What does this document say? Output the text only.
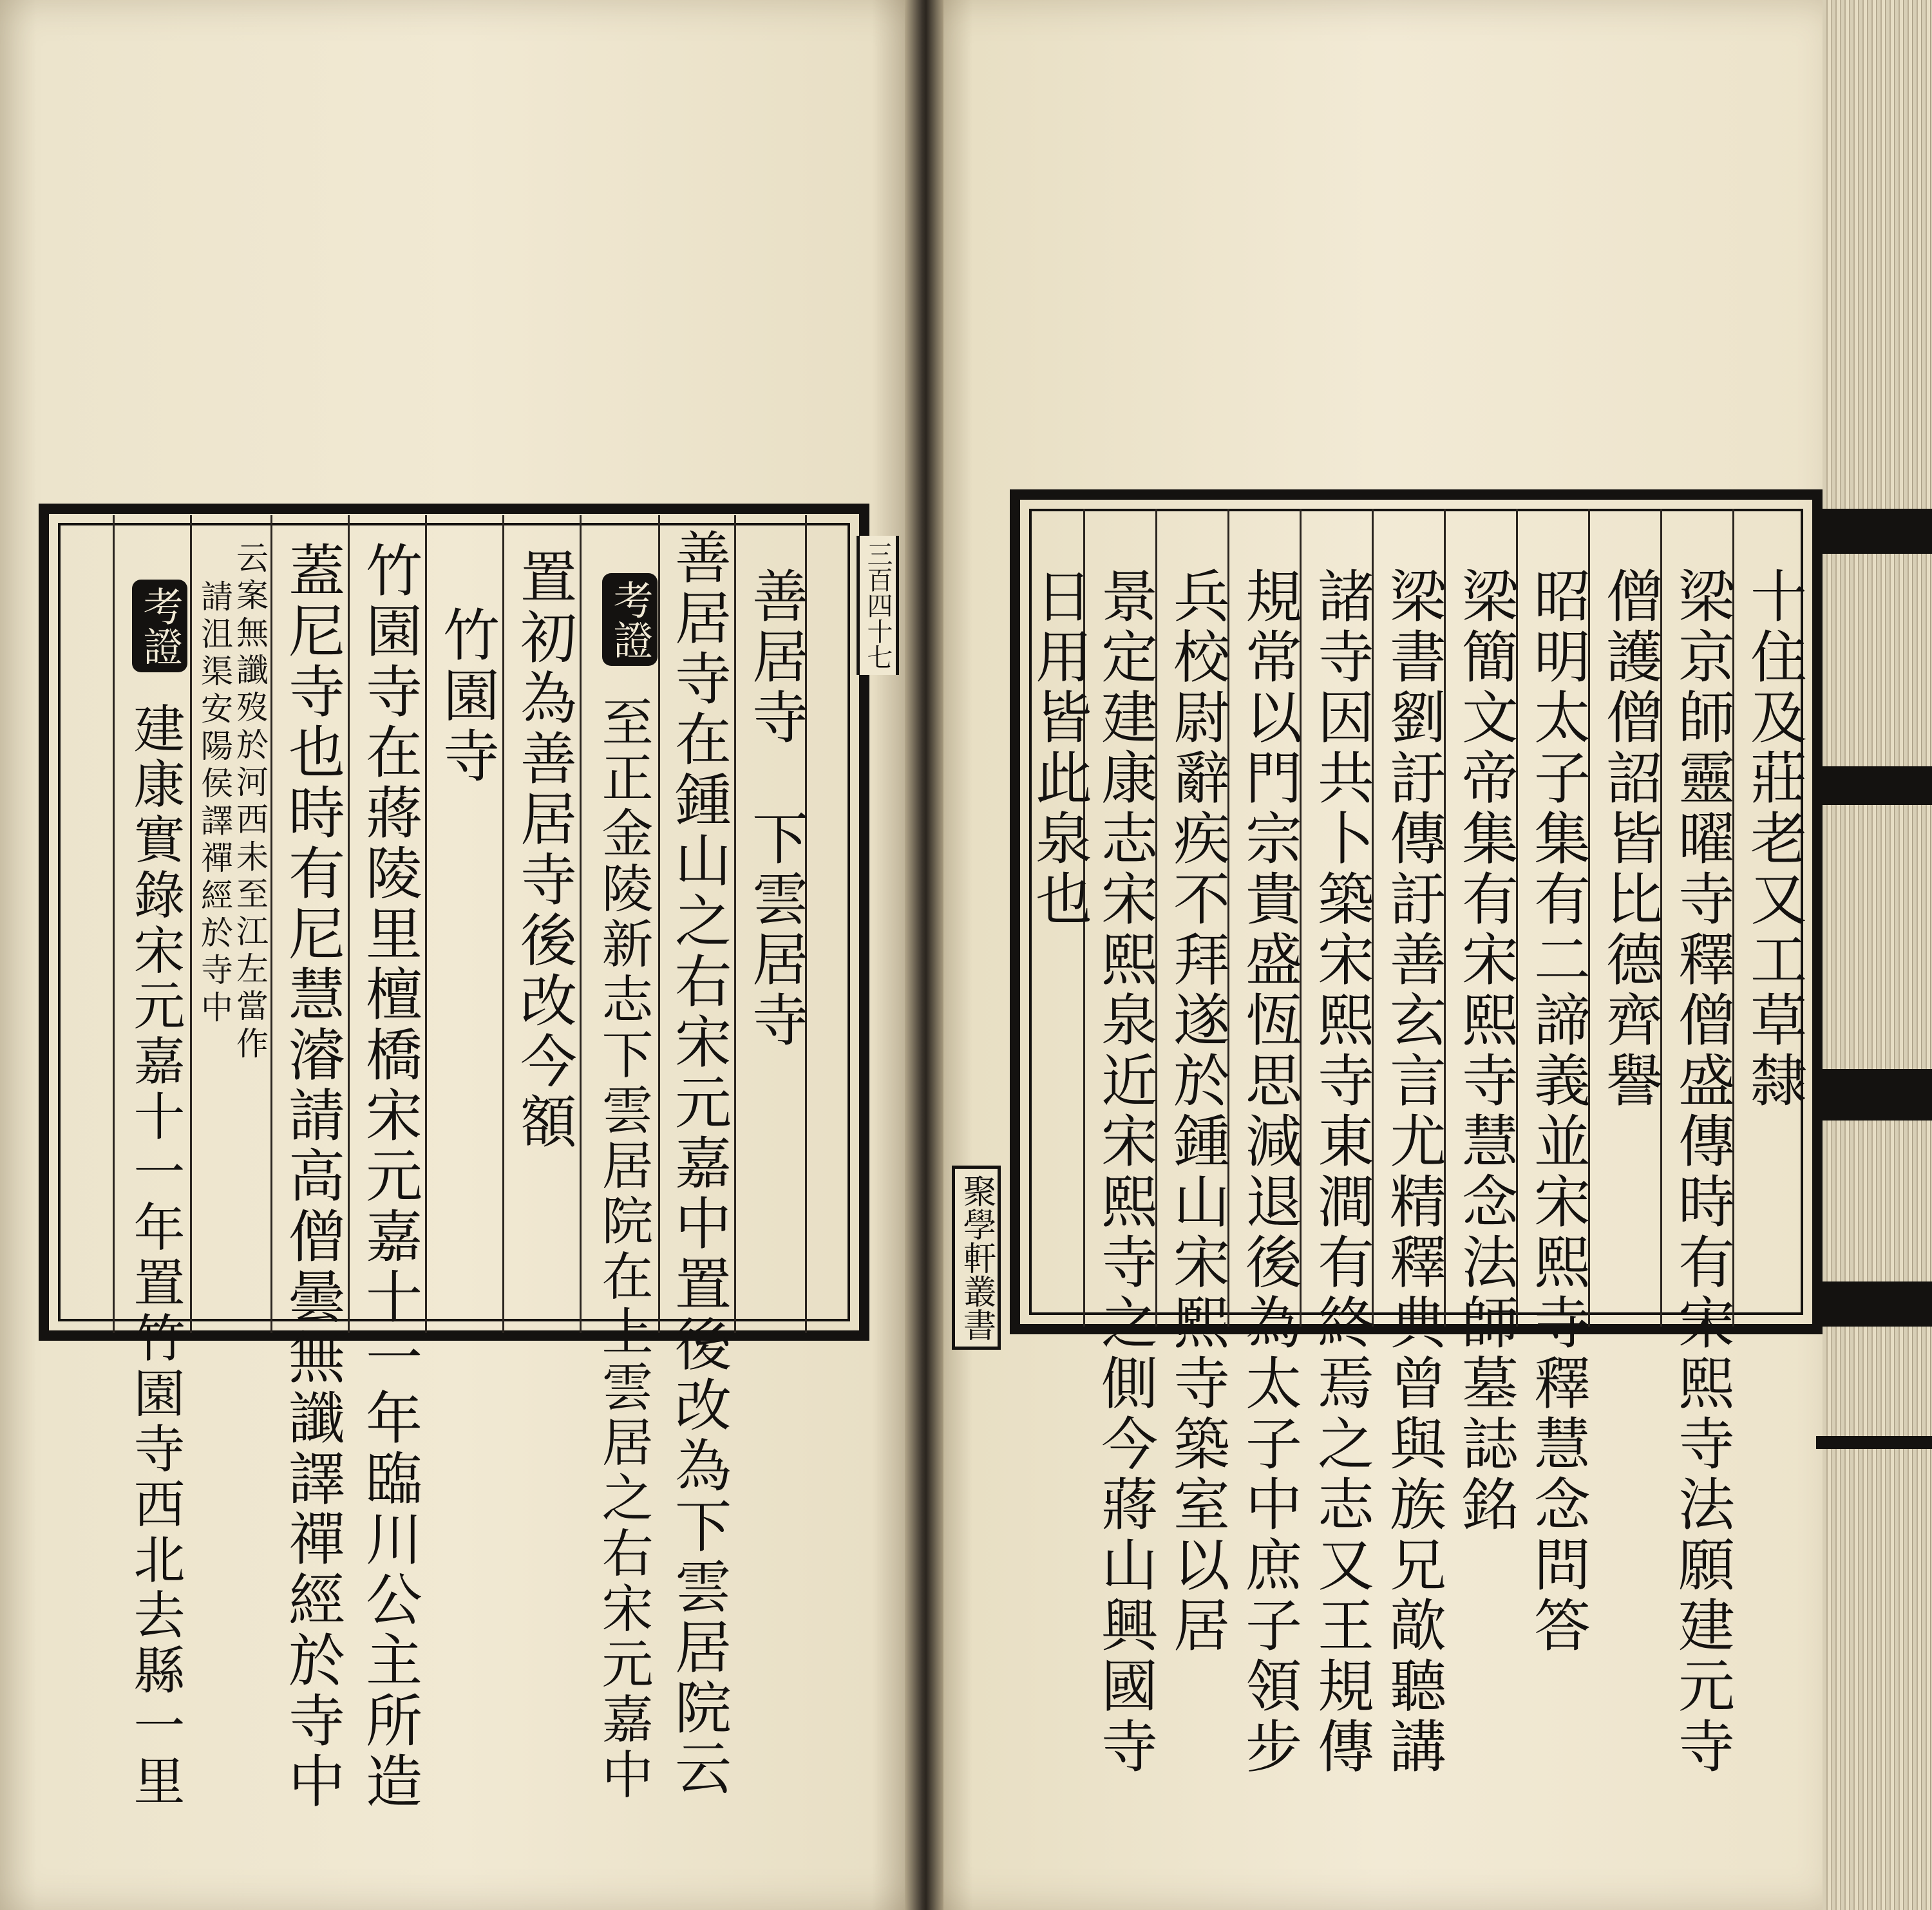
三百四十七
善居寺　下雲居寺
善居寺在鍾山之右宋元嘉中置後改為下雲居院云
考證
至正金陵新志下雲居院在上雲居之右宋元嘉中
置初為善居寺後改今額
竹園寺
竹園寺在蔣陵里檀橋宋元嘉十一年臨川公主所造
蓋尼寺也時有尼慧濬請高僧曇無讖譯禪經於寺中
云案無讖歿於河西未至江左當作
請沮渠安陽侯譯禪經於寺中
考證
建康實錄宋元嘉十一年置竹園寺西北去縣一里	十住及莊老又工草隸
梁京師靈曜寺釋僧盛傳時有宋熙寺法願建元寺
僧護僧詔皆比德齊譽
昭明太子集有二諦義並宋熙寺釋慧念問答
梁簡文帝集有宋熙寺慧念法師墓誌銘
梁書劉訏傳訏善玄言尤精釋典曾與族兄歊聽講
諸寺因共卜築宋熙寺東澗有終焉之志又王規傳
規常以門宗貴盛恆思減退後為太子中庶子領步
兵校尉辭疾不拜遂於鍾山宋熙寺築室以居
景定建康志宋熙泉近宋熙寺之側今蔣山興國寺
日用皆此泉也
聚學軒叢書
